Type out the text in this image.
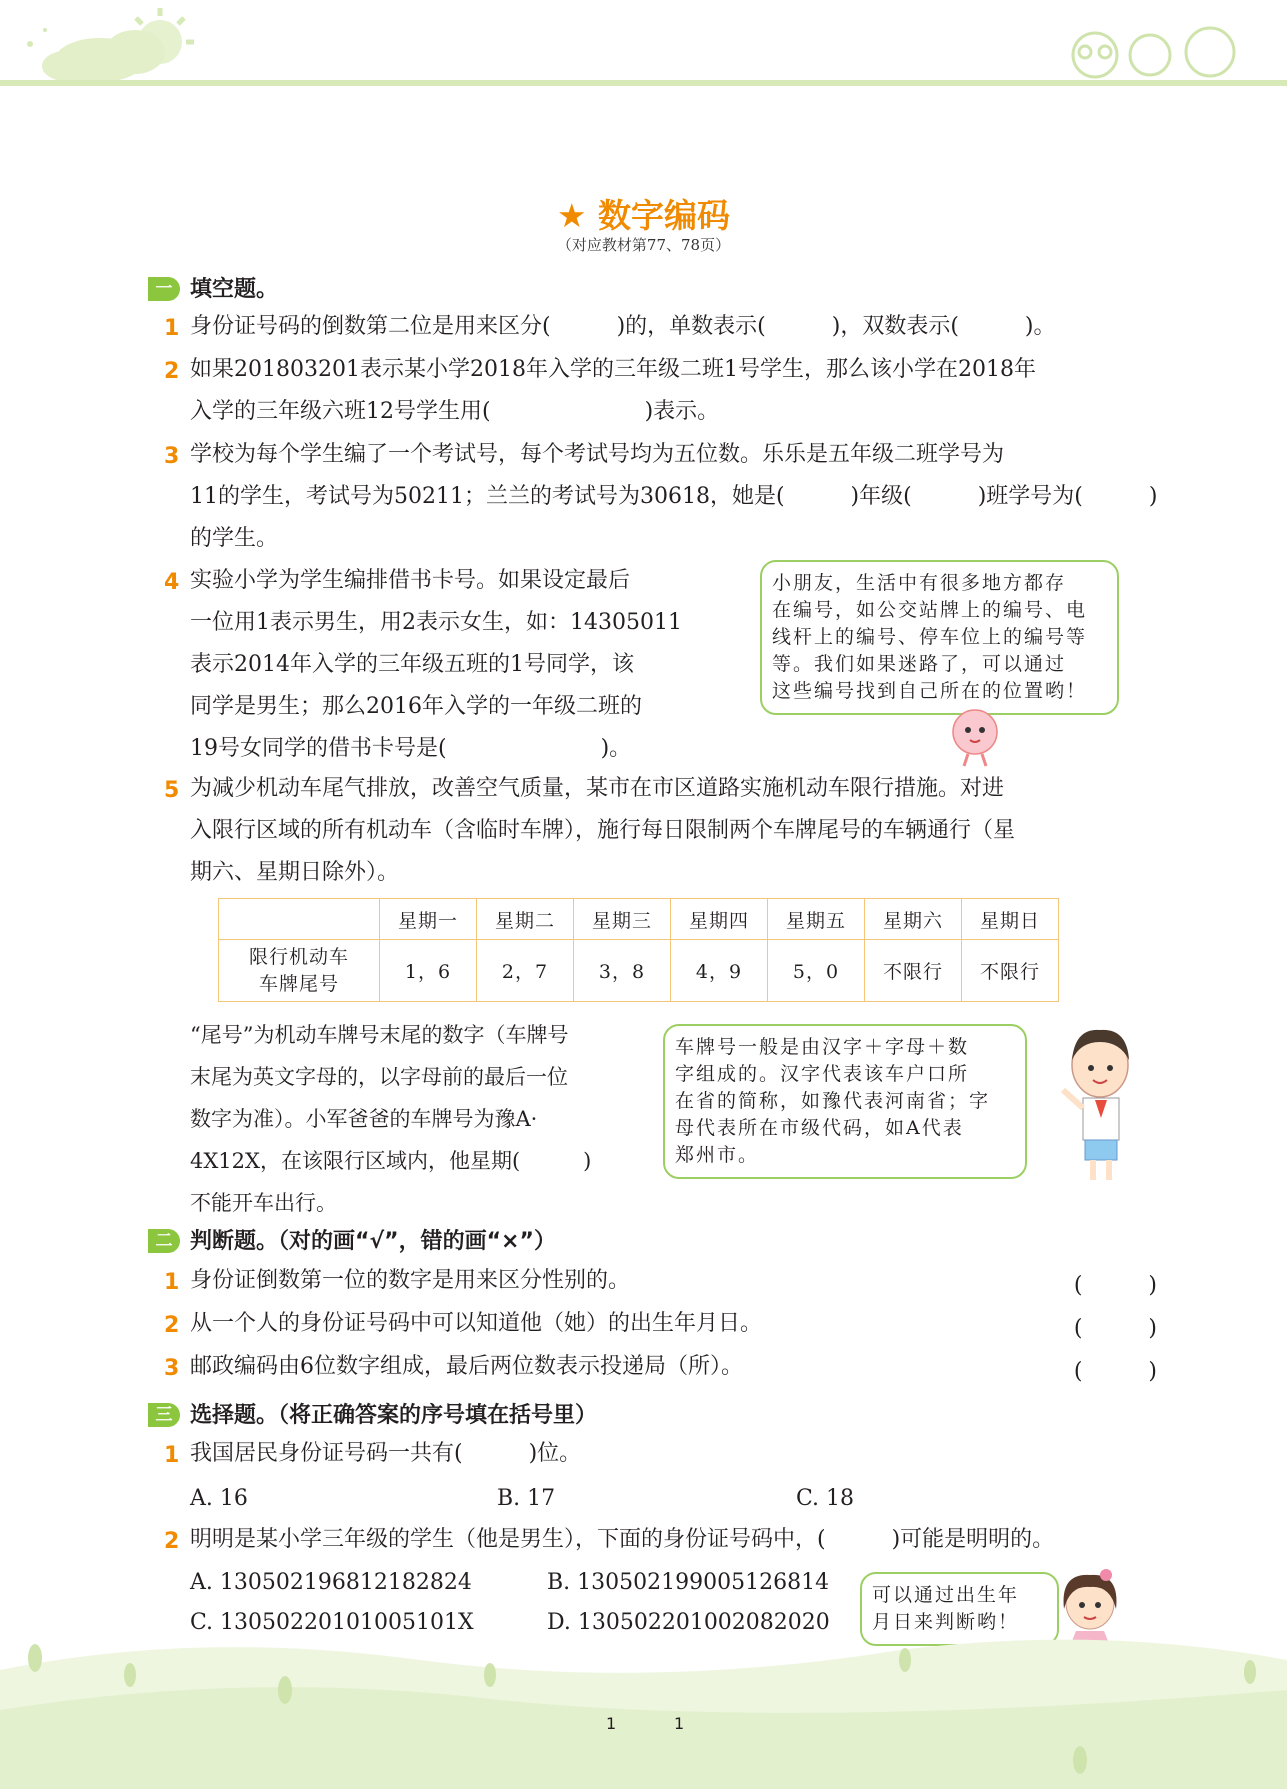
★ 数字编码
（对应教材第77、78页）
一 填空题。
1 身份证号码的倒数第二位是用来区分(　　　)的，单数表示(　　　)，双数表示(　　　)。
2 如果201803201表示某小学2018年入学的三年级二班1号学生，那么该小学在2018年
入学的三年级六班12号学生用(　　　　　　　)表示。
3 学校为每个学生编了一个考试号，每个考试号均为五位数。乐乐是五年级二班学号为
11的学生，考试号为50211；兰兰的考试号为30618，她是(　　　)年级(　　　)班学号为(　　　)
的学生。
4 实验小学为学生编排借书卡号。如果设定最后
一位用1表示男生，用2表示女生，如：14305011
表示2014年入学的三年级五班的1号同学，该
同学是男生；那么2016年入学的一年级二班的
19号女同学的借书卡号是(　　　　　　　)。
小朋友，生活中有很多地方都存
在编号，如公交站牌上的编号、电
线杆上的编号、停车位上的编号等
等。我们如果迷路了，可以通过
这些编号找到自己所在的位置哟！
5 为减少机动车尾气排放，改善空气质量，某市在市区道路实施机动车限行措施。对进
入限行区域的所有机动车（含临时车牌），施行每日限制两个车牌尾号的车辆通行（星
期六、星期日除外）。
	星期一	星期二	星期三	星期四	星期五	星期六	星期日

限行机动车
车牌尾号	1，6	2，7	3，8	4，9	5，0	不限行	不限行
“尾号”为机动车牌号末尾的数字（车牌号
末尾为英文字母的，以字母前的最后一位
数字为准）。小军爸爸的车牌号为豫A·
4X12X，在该限行区域内，他星期(　　　)
不能开车出行。
车牌号一般是由汉字＋字母＋数
字组成的。汉字代表该车户口所
在省的简称，如豫代表河南省；字
母代表所在市级代码，如A代表
郑州市。
二 判断题。（对的画“√”，错的画“×”）
1 身份证倒数第一位的数字是用来区分性别的。	(　　　)
2 从一个人的身份证号码中可以知道他（她）的出生年月日。	(　　　)
3 邮政编码由6位数字组成，最后两位数表示投递局（所）。	(　　　)
三 选择题。（将正确答案的序号填在括号里）
1 我国居民身份证号码一共有(　　　)位。
A. 16	B. 17	C. 18
2 明明是某小学三年级的学生（他是男生），下面的身份证号码中，(　　　)可能是明明的。
A. 130502196812182824	B. 130502199005126814
C. 13050220101005101X	D. 130502201002082020
可以通过出生年
月日来判断哟！
1	1
